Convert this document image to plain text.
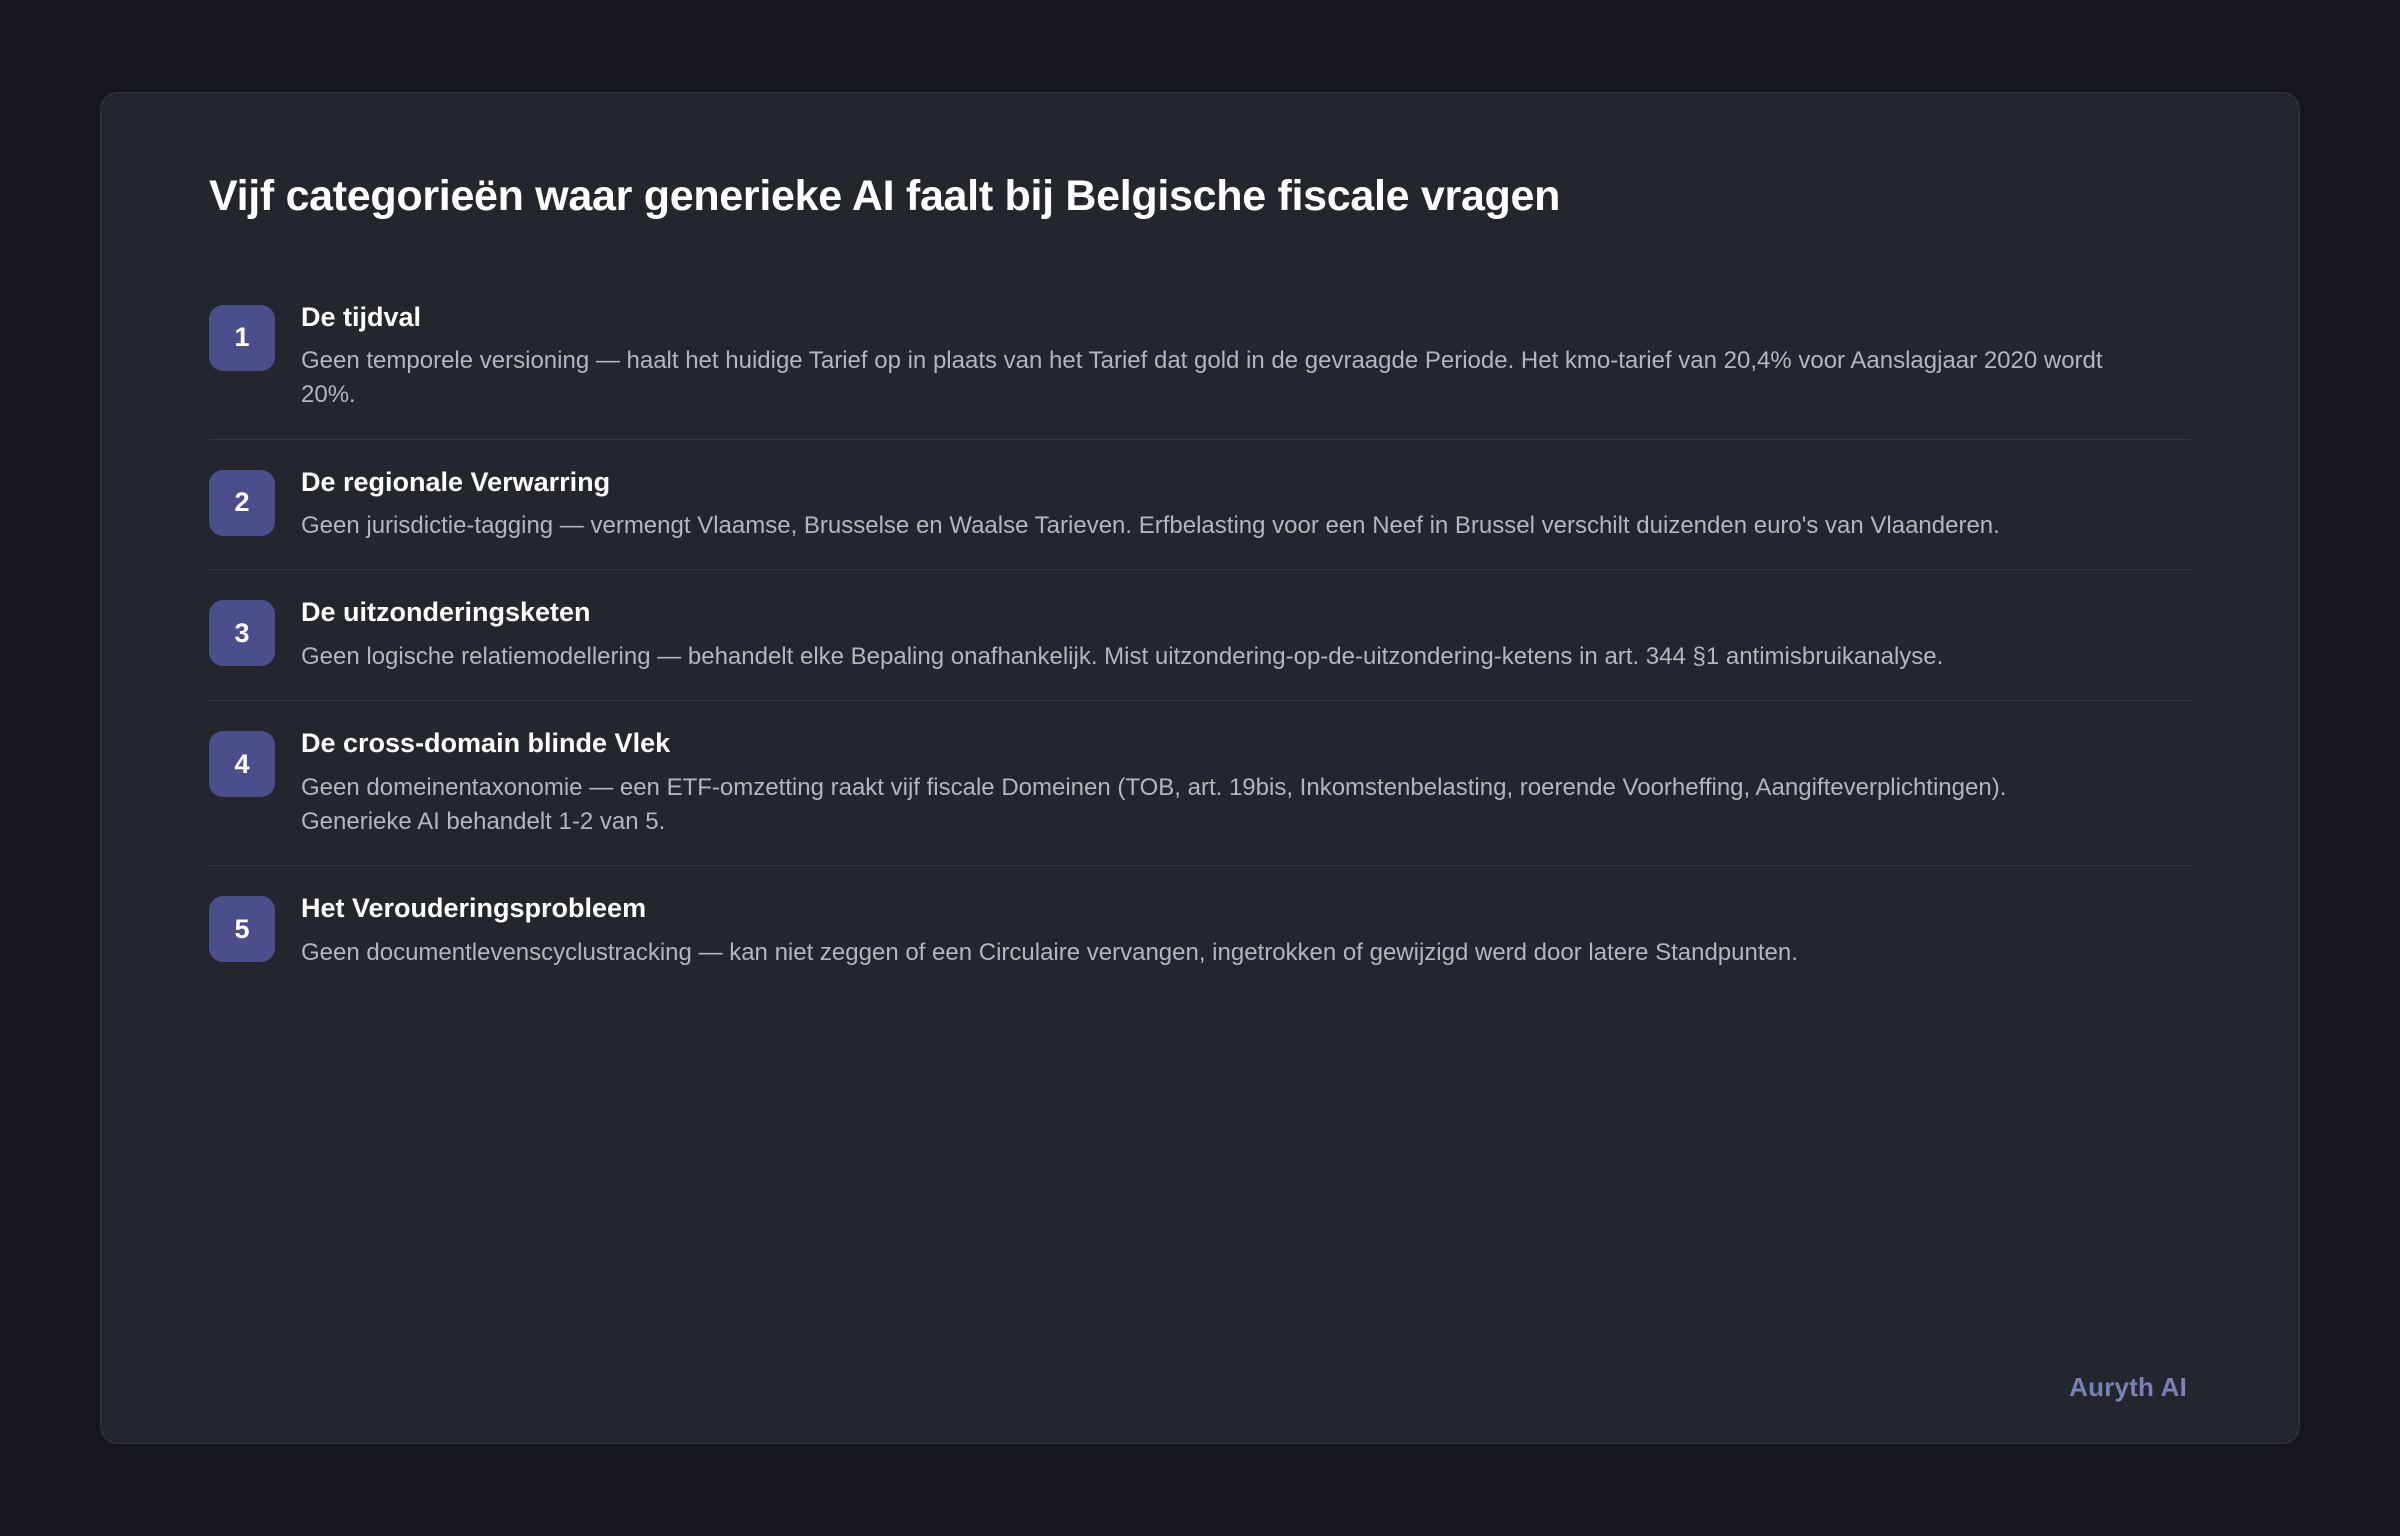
Vijf categorieën waar generieke AI faalt bij Belgische fiscale vragen
1
De tijdval

Geen temporele versioning — haalt het huidige Tarief op in plaats van het Tarief dat gold in de gevraagde Periode. Het kmo-tarief van 20,4% voor Aanslagjaar 2020 wordt 20%.

2
De regionale Verwarring

Geen jurisdictie-tagging — vermengt Vlaamse, Brusselse en Waalse Tarieven. Erfbelasting voor een Neef in Brussel verschilt duizenden euro's van Vlaanderen.

3
De uitzonderingsketen

Geen logische relatiemodellering — behandelt elke Bepaling onafhankelijk. Mist uitzondering-op-de-uitzondering-ketens in art. 344 §1 antimisbruikanalyse.

4
De cross-domain blinde Vlek

Geen domeinentaxonomie — een ETF-omzetting raakt vijf fiscale Domeinen (TOB, art. 19bis, Inkomstenbelasting, roerende Voorheffing, Aangifteverplichtingen). Generieke AI behandelt 1-2 van 5.

5
Het Verouderingsprobleem

Geen documentlevenscyclustracking — kan niet zeggen of een Circulaire vervangen, ingetrokken of gewijzigd werd door latere Standpunten.

Auryth AI
